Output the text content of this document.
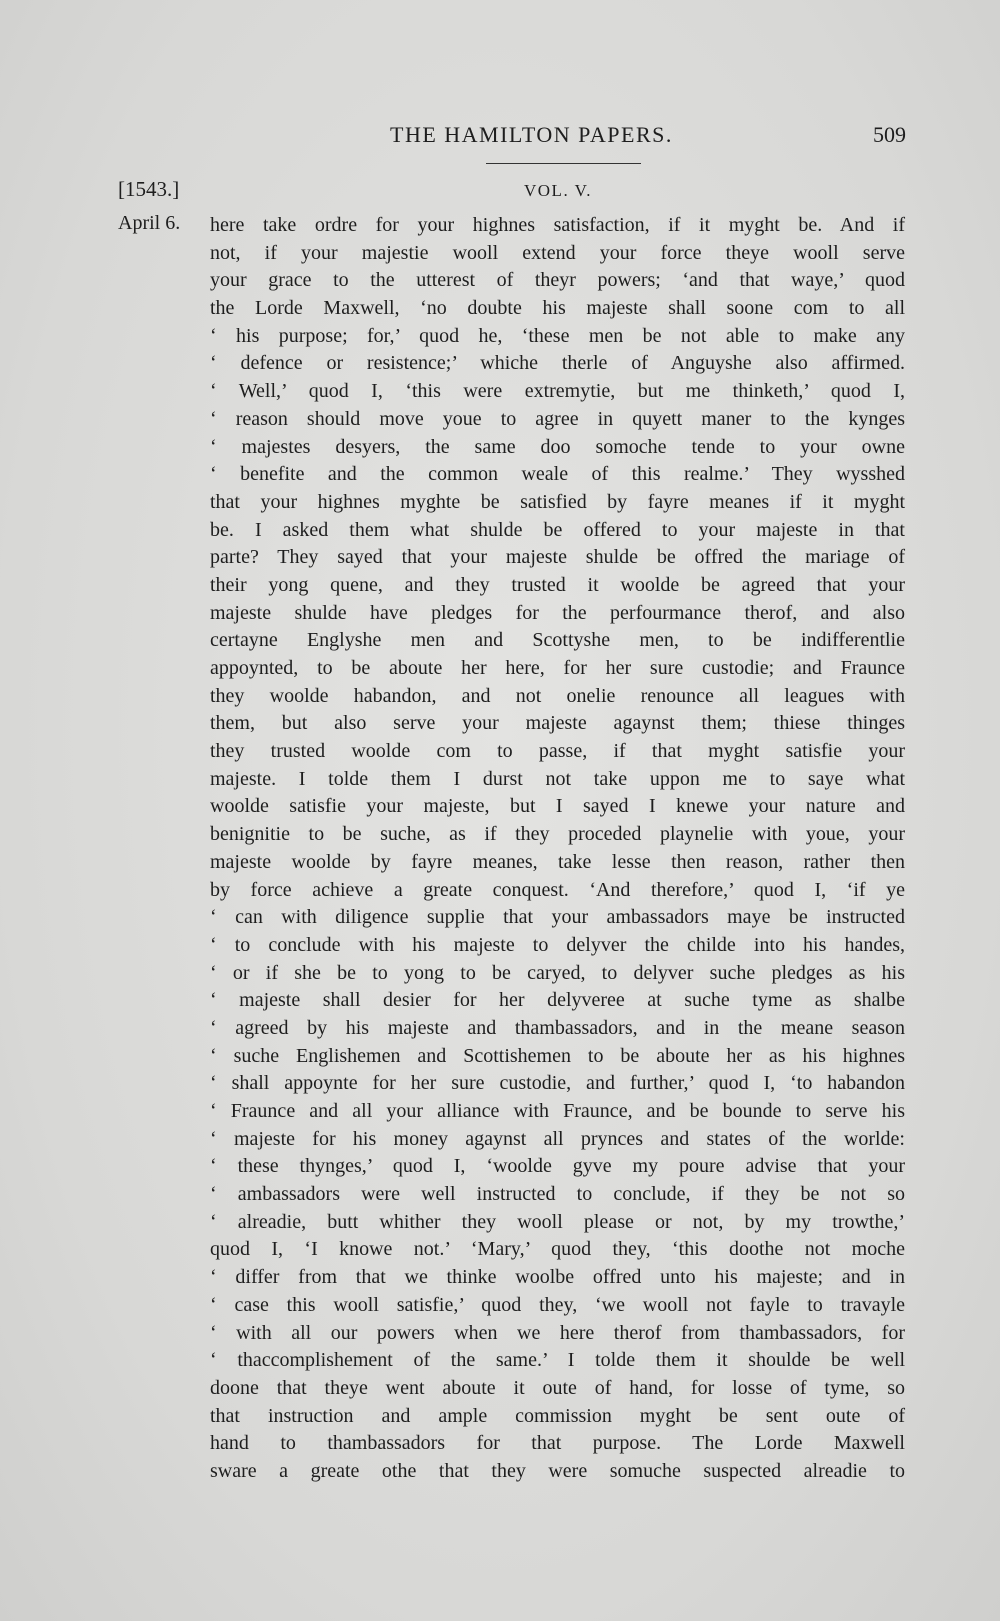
THE HAMILTON PAPERS.	509
[1543.]	VOL. V.
April 6. here take ordre for your highnes satisfaction, if it myght be. And if
not, if your majestie wooll extend your force theye wooll serve
your grace to the utterest of theyr powers; ‘and that waye,’ quod
the Lorde Maxwell, ‘no doubte his majeste shall soone com to all
‘ his purpose; for,’ quod he, ‘these men be not able to make any
‘ defence or resistence;’ whiche therle of Anguyshe also affirmed.
‘ Well,’ quod I, ‘this were extremytie, but me thinketh,’ quod I,
‘ reason should move youe to agree in quyett maner to the kynges
‘ majestes desyers, the same doo somoche tende to your owne
‘ benefite and the common weale of this realme.’ They wysshed
that your highnes myghte be satisfied by fayre meanes if it myght
be. I asked them what shulde be offered to your majeste in that
parte? They sayed that your majeste shulde be offred the mariage of
their yong quene, and they trusted it wooldе be agreed that your
majeste shulde have pledges for the perfourmance therof, and also
certayne Englyshe men and Scottyshe men, to be indifferentlie
appoynted, to be aboute her here, for her sure custodie; and Fraunce
they woolde habandon, and not onelie renounce all leagues with
them, but also serve your majeste agaynst them; thiese thinges
they trusted woolde com to passe, if that myght satisfie your
majeste. I tolde them I durst not take uppon me to saye what
woolde satisfie your majeste, but I sayed I knewe your nature and
benignitie to be suche, as if they proceded playnelie with youe, your
majeste woolde by fayre meanes, take lesse then reason, rather then
by force achieve a greate conquest. ‘And therefore,’ quod I, ‘if ye
‘ can with diligence supplie that your ambassadors maye be instructed
‘ to conclude with his majeste to delyver the childe into his handes,
‘ or if she be to yong to be caryed, to delyver suche pledges as his
‘ majeste shall desier for her delyveree at suche tyme as shalbe
‘ agreed by his majeste and thambassadors, and in the meane season
‘ suche Englishemen and Scottishemen to be aboute her as his highnes
‘ shall appoynte for her sure custodie, and further,’ quod I, ‘to habandon
‘ Fraunce and all your alliance with Fraunce, and be bounde to serve his
‘ majeste for his money agaynst all prynces and states of the worlde:
‘ these thynges,’ quod I, ‘woolde gyve my poure advise that your
‘ ambassadors were well instructed to conclude, if they be not so
‘ alreadie, butt whither they wooll please or not, by my trowthe,’
quod I, ‘I knowe not.’ ‘Mary,’ quod they, ‘this doothe not moche
‘ differ from that we thinke woolbe offred unto his majeste; and in
‘ case this wooll satisfie,’ quod they, ‘we wooll not fayle to travayle
‘ with all our powers when we here therof from thambassadors, for
‘ thaccomplishement of the same.’ I tolde them it shoulde be well
doone that theye went aboute it oute of hand, for losse of tyme, so
that instruction and ample commission myght be sent oute of
hand to thambassadors for that purpose. The Lorde Maxwell
sware a greate othe that they were somuche suspected alreadie to
